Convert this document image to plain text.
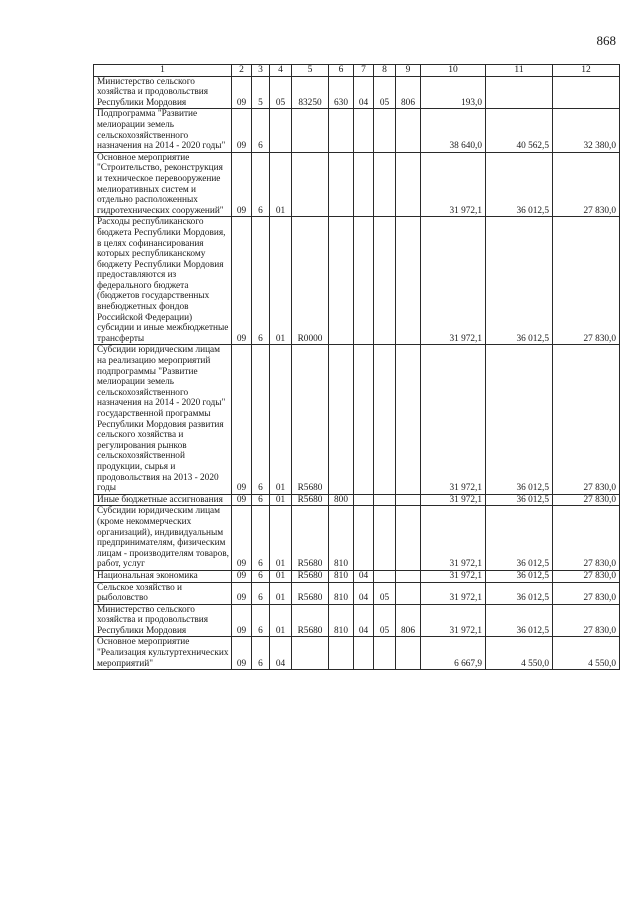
868
1	2	3	4	5	6	7	8	9	10	11	12
Министерство сельского хозяйства и продовольствия Республики Мордовия	09	5	05	83250	630	04	05	806	193,0		
Подпрограмма "Развитие мелиорации земель сельскохозяйственного назначения на 2014 - 2020 годы"	09	6							38 640,0	40 562,5	32 380,0
Основное мероприятие "Строительство, реконструкция и техническое перевооружение мелиоративных систем и отдельно расположенных гидротехнических сооружений"	09	6	01						31 972,1	36 012,5	27 830,0
Расходы республиканского бюджета Республики Мордовия, в целях софинансирования которых республиканскому бюджету Республики Мордовия предоставляются из федерального бюджета (бюджетов государственных внебюджетных фондов Российской Федерации) субсидии и иные межбюджетные трансферты	09	6	01	R0000					31 972,1	36 012,5	27 830,0
Субсидии юридическим лицам на реализацию мероприятий подпрограммы "Развитие мелиорации земель сельскохозяйственного назначения на 2014 - 2020 годы" государственной программы Республики Мордовия развития сельского хозяйства и регулирования рынков сельскохозяйственной продукции, сырья и продовольствия на 2013 - 2020 годы	09	6	01	R5680					31 972,1	36 012,5	27 830,0
Иные бюджетные ассигнования	09	6	01	R5680	800				31 972,1	36 012,5	27 830,0
Субсидии юридическим лицам (кроме некоммерческих организаций), индивидуальным предпринимателям, физическим лицам - производителям товаров, работ, услуг	09	6	01	R5680	810				31 972,1	36 012,5	27 830,0
Национальная экономика	09	6	01	R5680	810	04			31 972,1	36 012,5	27 830,0
Сельское хозяйство и рыболовство	09	6	01	R5680	810	04	05		31 972,1	36 012,5	27 830,0
Министерство сельского хозяйства и продовольствия Республики Мордовия	09	6	01	R5680	810	04	05	806	31 972,1	36 012,5	27 830,0
Основное мероприятие "Реализация культуртехнических мероприятий"	09	6	04						6 667,9	4 550,0	4 550,0
